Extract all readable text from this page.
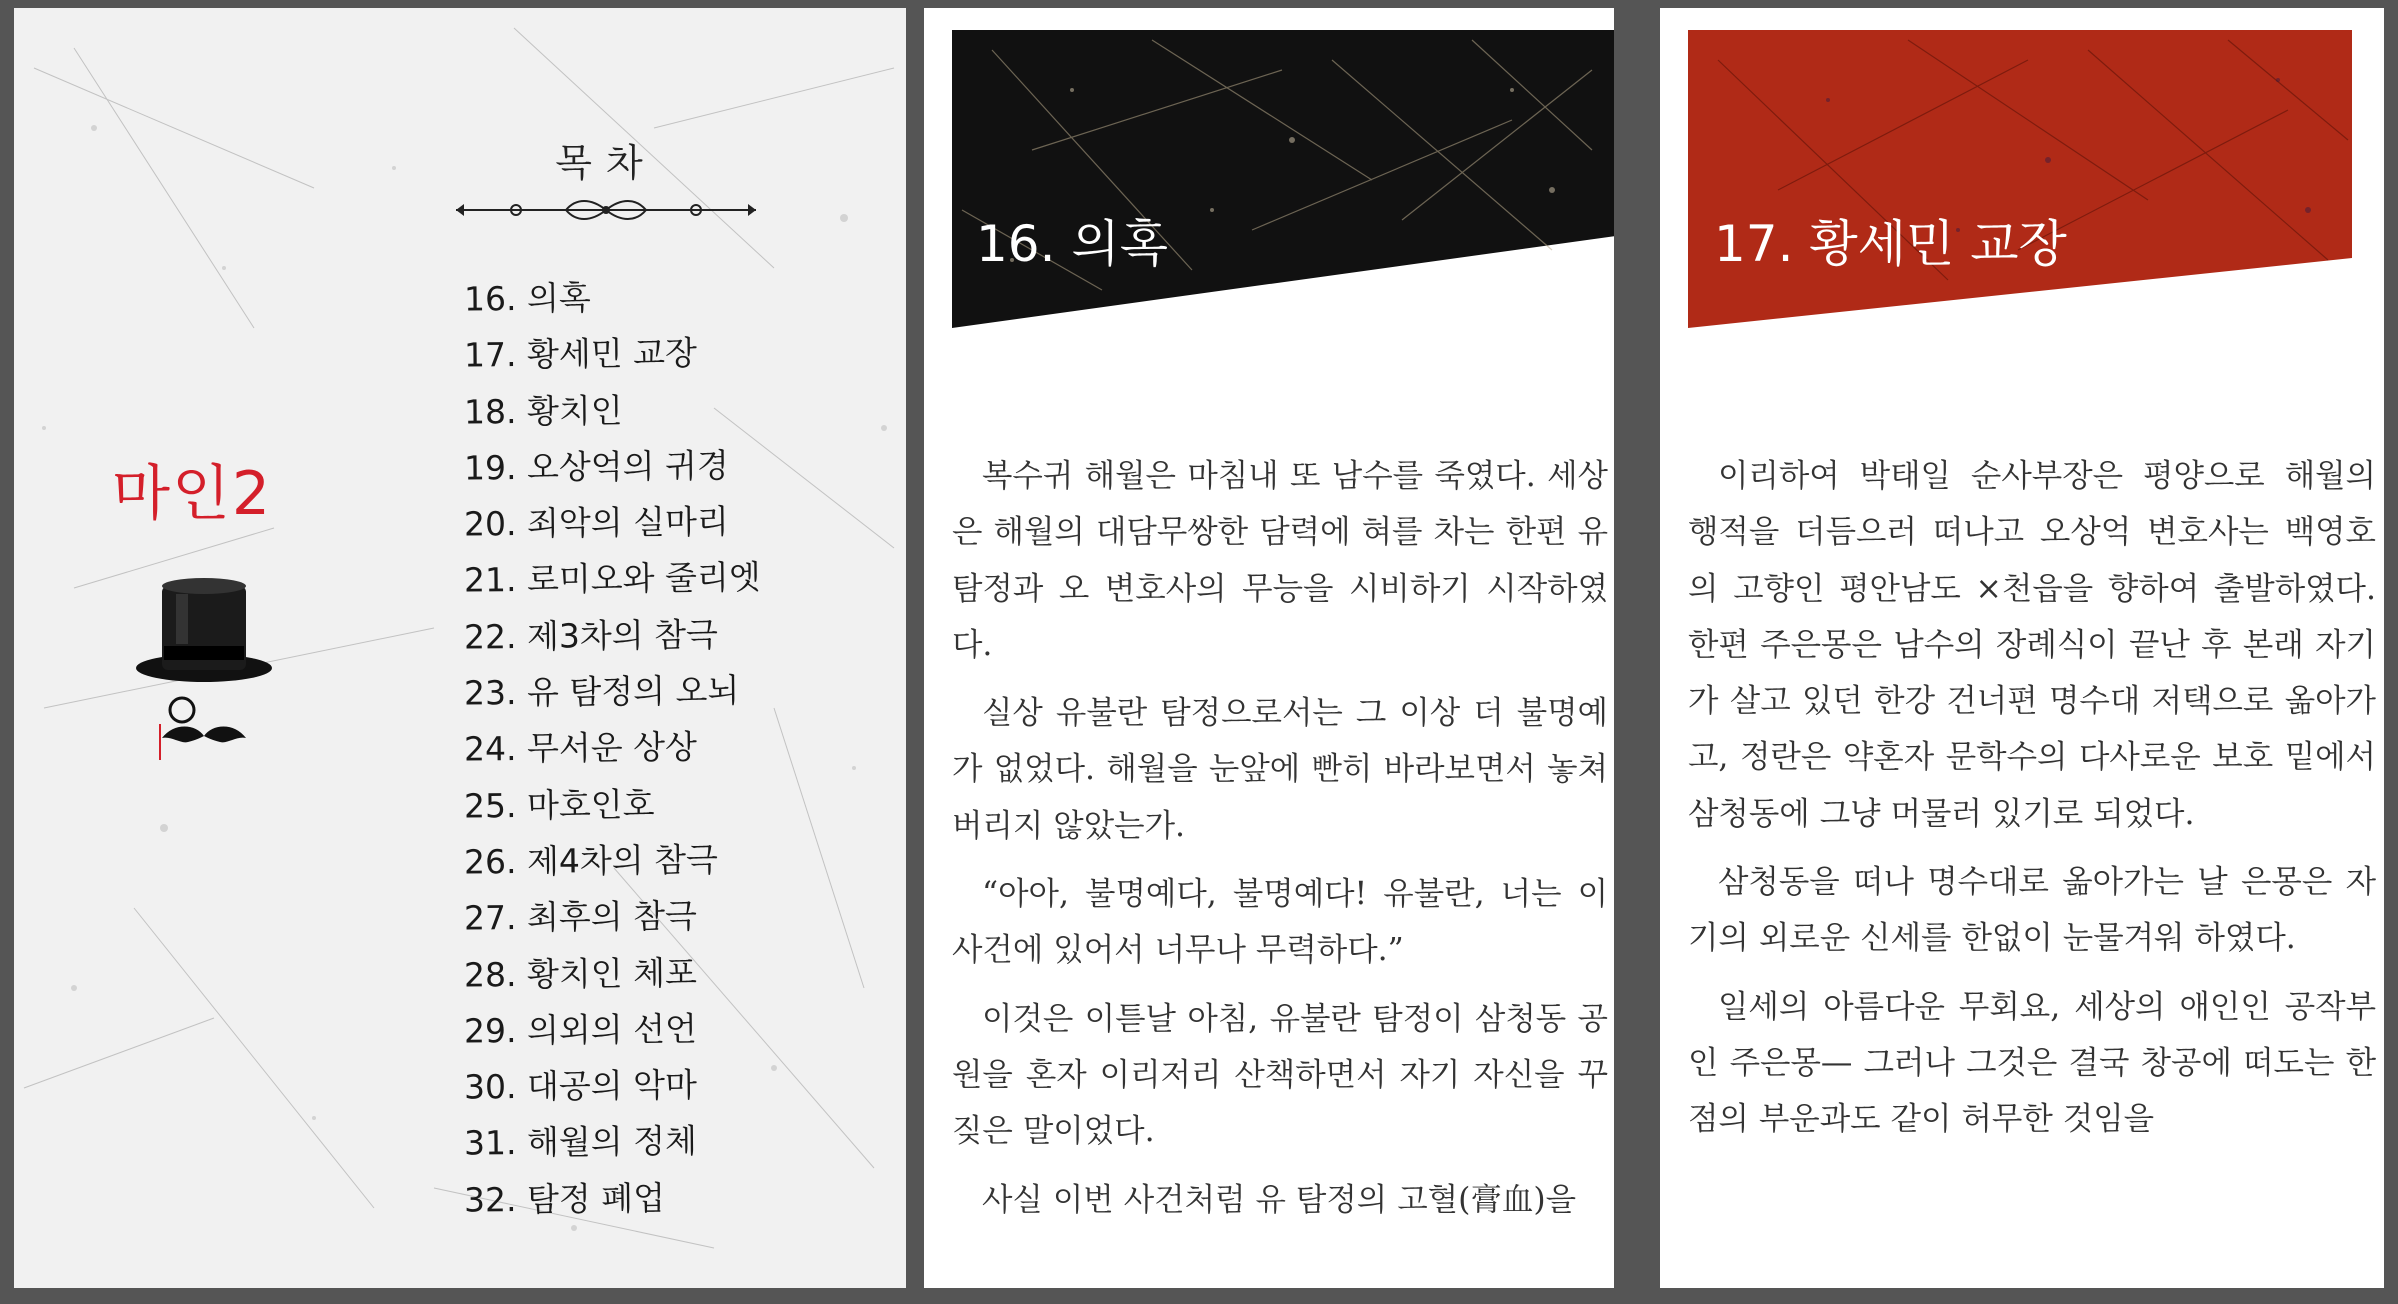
목차
16. 의혹
17. 황세민 교장
18. 황치인
19. 오상억의 귀경
20. 죄악의 실마리
21. 로미오와 줄리엣
22. 제3차의 참극
23. 유 탐정의 오뇌
24. 무서운 상상
25. 마호인호
26. 제4차의 참극
27. 최후의 참극
28. 황치인 체포
29. 의외의 선언
30. 대공의 악마
31. 해월의 정체
32. 탐정 폐업
마인2
16. 의혹

복수귀 해월은 마침내 또 남수를 죽였다. 세상은 해월의 대담무쌍한 담력에 혀를 차는 한편 유 탐정과 오 변호사의 무능을 시비하기 시작하였다.

실상 유불란 탐정으로서는 그 이상 더 불명예가 없었다. 해월을 눈앞에 빤히 바라보면서 놓쳐버리지 않았는가.

“아아, 불명예다, 불명예다! 유불란, 너는 이 사건에 있어서 너무나 무력하다.”

이것은 이튿날 아침, 유불란 탐정이 삼청동 공원을 혼자 이리저리 산책하면서 자기 자신을 꾸짖은 말이었다.

사실 이번 사건처럼 유 탐정의 고혈(膏血)을

17. 황세민 교장

이리하여 박태일 순사부장은 평양으로 해월의 행적을 더듬으러 떠나고 오상억 변호사는 백영호의 고향인 평안남도 ×천읍을 향하여 출발하였다. 한편 주은몽은 남수의 장례식이 끝난 후 본래 자기가 살고 있던 한강 건너편 명수대 저택으로 옮아가고, 정란은 약혼자 문학수의 다사로운 보호 밑에서 삼청동에 그냥 머물러 있기로 되었다.

삼청동을 떠나 명수대로 옮아가는 날 은몽은 자기의 외로운 신세를 한없이 눈물겨워 하였다.

일세의 아름다운 무회요, 세상의 애인인 공작부인 주은몽— 그러나 그것은 결국 창공에 떠도는 한 점의 부운과도 같이 허무한 것임을
